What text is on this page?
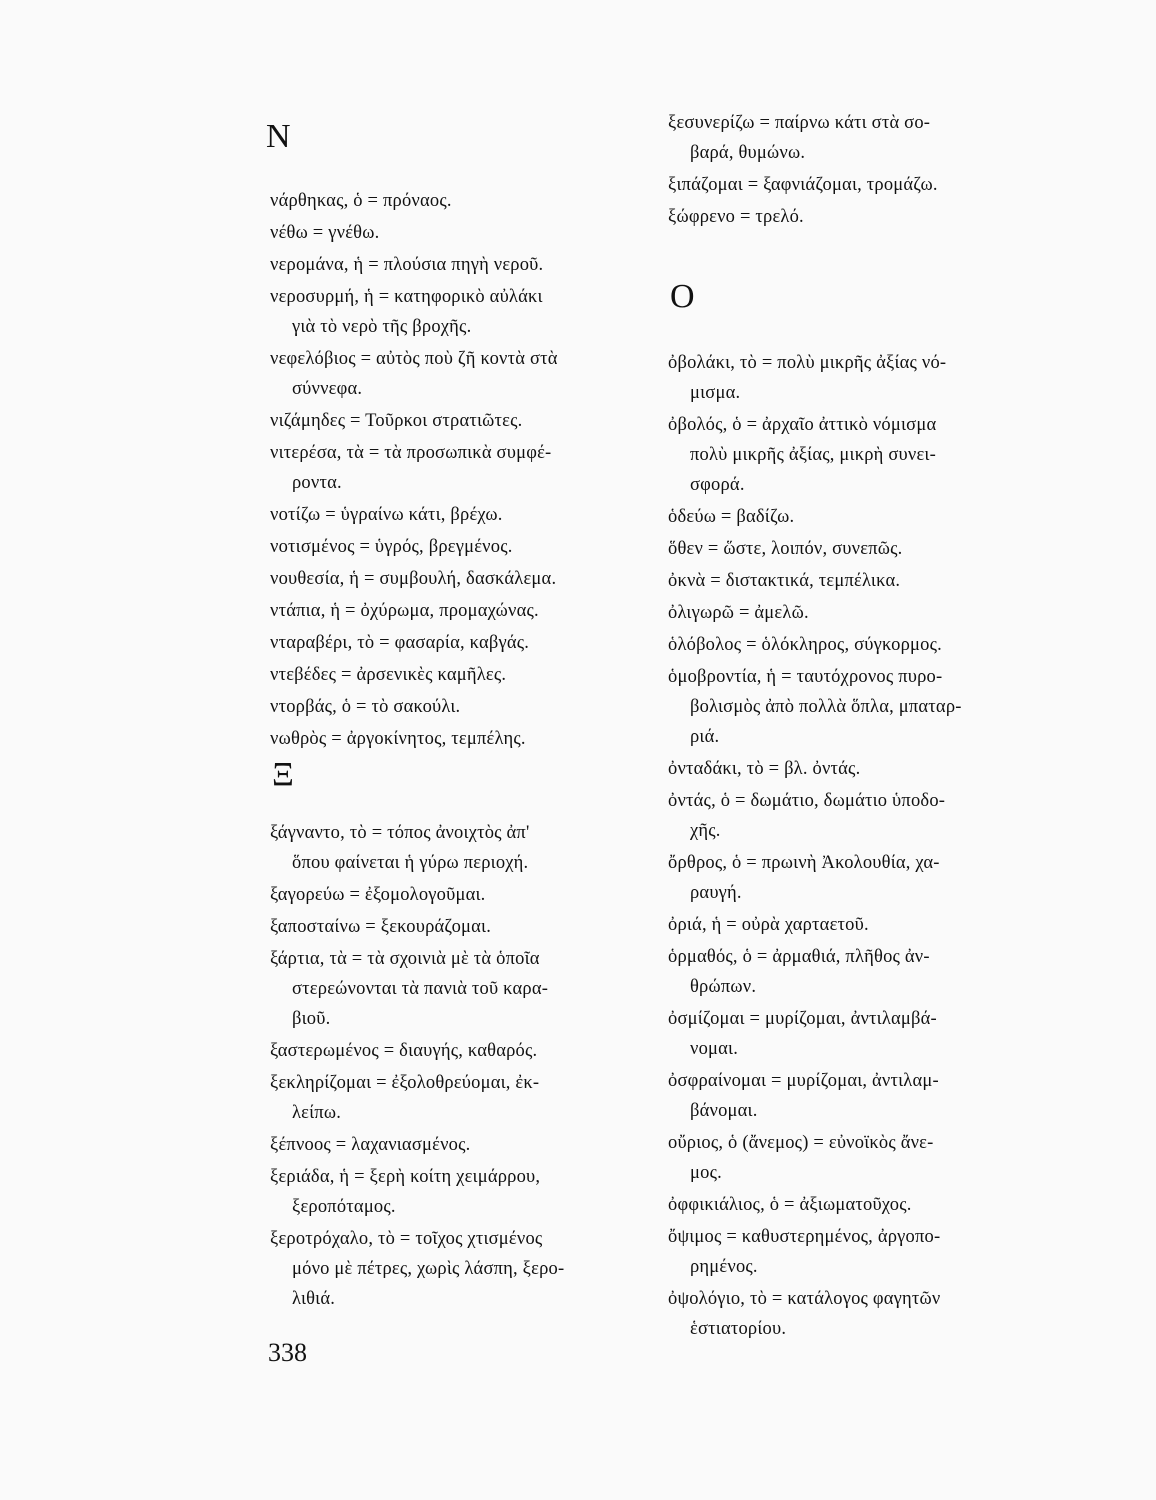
N
νάρθηκας, ὁ = πρόναος.
νέθω = γνέθω.
νερομάνα, ἡ = πλούσια πηγὴ νεροῦ.
νεροσυρμή, ἡ = κατηφορικὸ αὐλάκι
γιὰ τὸ νερὸ τῆς βροχῆς.
νεφελόβιος = αὐτὸς ποὺ ζῆ κοντὰ στὰ
σύννεφα.
νιζάμηδες = Τοῦρκοι στρατιῶτες.
νιτερέσα, τὰ = τὰ προσωπικὰ συμφέ-
ροντα.
νοτίζω = ὑγραίνω κάτι, βρέχω.
νοτισμένος = ὑγρός, βρεγμένος.
νουθεσία, ἡ = συμβουλή, δασκάλεμα.
ντάπια, ἡ = ὀχύρωμα, προμαχώνας.
νταραβέρι, τὸ = φασαρία, καβγάς.
ντεβέδες = ἀρσενικὲς καμῆλες.
ντορβάς, ὁ = τὸ σακούλι.
νωθρὸς = ἀργοκίνητος, τεμπέλης.
Ξ
ξάγναντο, τὸ = τόπος ἀνοιχτὸς ἀπ'
ὅπου φαίνεται ἡ γύρω περιοχή.
ξαγορεύω = ἐξομολογοῦμαι.
ξαποσταίνω = ξεκουράζομαι.
ξάρτια, τὰ = τὰ σχοινιὰ μὲ τὰ ὁποῖα
στερεώνονται τὰ πανιὰ τοῦ καρα-
βιοῦ.
ξαστερωμένος = διαυγής, καθαρός.
ξεκληρίζομαι = ἐξολοθρεύομαι, ἐκ-
λείπω.
ξέπνοος = λαχανιασμένος.
ξεριάδα, ἡ = ξερὴ κοίτη χειμάρρου,
ξεροπόταμος.
ξεροτρόχαλο, τὸ = τοῖχος χτισμένος
μόνο μὲ πέτρες, χωρὶς λάσπη, ξερο-
λιθιά.
ξεσυνερίζω = παίρνω κάτι στὰ σο-
βαρά, θυμώνω.
ξιπάζομαι = ξαφνιάζομαι, τρομάζω.
ξώφρενο = τρελό.
Ο
ὀβολάκι, τὸ = πολὺ μικρῆς ἀξίας νό-
μισμα.
ὀβολός, ὁ = ἀρχαῖο ἀττικὸ νόμισμα
πολὺ μικρῆς ἀξίας, μικρὴ συνει-
σφορά.
ὁδεύω = βαδίζω.
ὅθεν = ὥστε, λοιπόν, συνεπῶς.
ὀκνὰ = διστακτικά, τεμπέλικα.
ὀλιγωρῶ = ἀμελῶ.
ὁλόβολος = ὁλόκληρος, σύγκορμος.
ὁμοβροντία, ἡ = ταυτόχρονος πυρο-
βολισμὸς ἀπὸ πολλὰ ὅπλα, μπαταρ-
ριά.
ὀνταδάκι, τὸ = βλ. ὀντάς.
ὀντάς, ὁ = δωμάτιο, δωμάτιο ὑποδο-
χῆς.
ὄρθρος, ὁ = πρωινὴ Ἀκολουθία, χα-
ραυγή.
ὀριά, ἡ = οὐρὰ χαρταετοῦ.
ὁρμαθός, ὁ = ἀρμαθιά, πλῆθος ἀν-
θρώπων.
ὀσμίζομαι = μυρίζομαι, ἀντιλαμβά-
νομαι.
ὀσφραίνομαι = μυρίζομαι, ἀντιλαμ-
βάνομαι.
οὔριος, ὁ (ἄνεμος) = εὐνοϊκὸς ἄνε-
μος.
ὀφφικιάλιος, ὁ = ἀξιωματοῦχος.
ὄψιμος = καθυστερημένος, ἀργοπο-
ρημένος.
ὀψολόγιο, τὸ = κατάλογος φαγητῶν
ἑστιατορίου.
338
